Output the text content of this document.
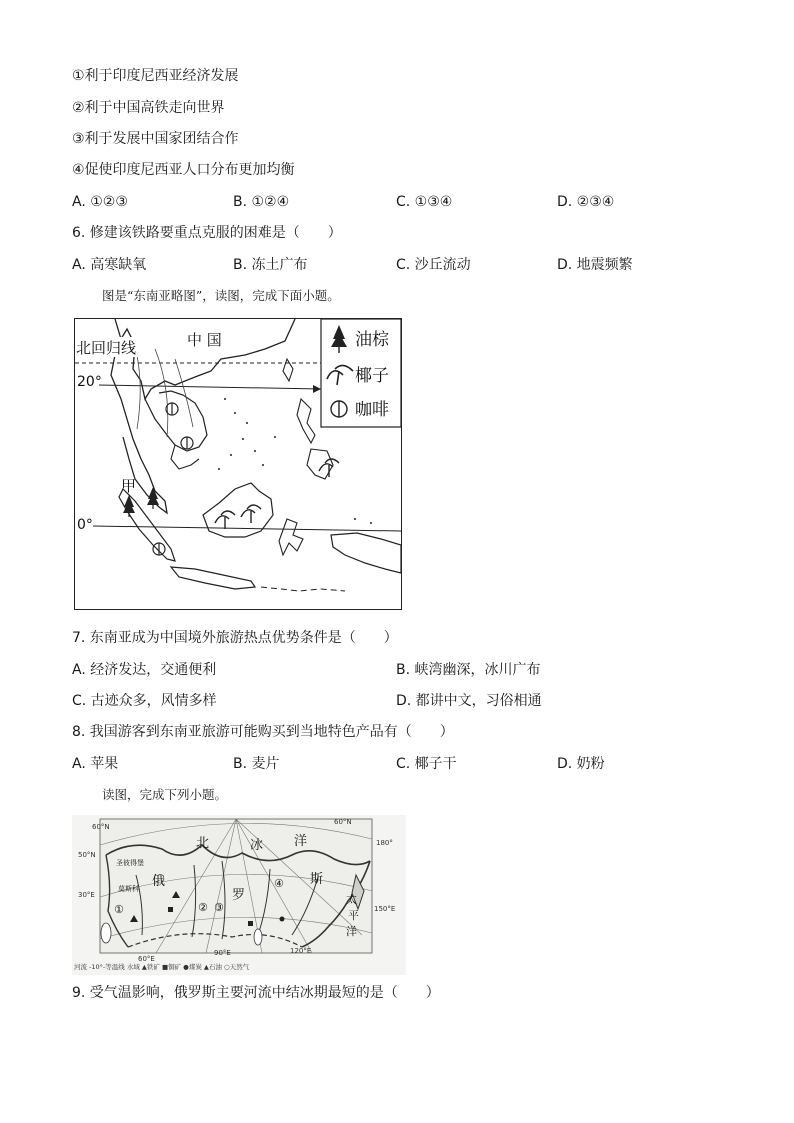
①利于印度尼西亚经济发展
②利于中国高铁走向世界
③利于发展中国家团结合作
④促使印度尼西亚人口分布更加均衡
A. ①②③	B. ①②④	C. ①③④	D. ②③④
6. 修建该铁路要重点克服的困难是（　　）
A. 高寒缺氧	B. 冻土广布	C. 沙丘流动	D. 地震频繁
图是“东南亚略图”，读图，完成下面小题。
油棕
椰子
咖啡
中 国
北回归线
20°
0°
甲
7. 东南亚成为中国境外旅游热点优势条件是（　　）
A. 经济发达，交通便利	B. 峡湾幽深，冰川广布
C. 古迹众多，风情多样	D. 都讲中文，习俗相通
8. 我国游客到东南亚旅游可能购买到当地特色产品有（　　）
A. 苹果	B. 麦片	C. 椰子干	D. 奶粉
读图，完成下列小题。
60°N
60°N
50°N
30°E
180°
150°E
60°E
90°E	120°E
北	冰 洋
俄
罗
斯
太
平
洋
圣彼得堡
莫斯科
①	② ③
④
河流 -10°-等温线 水域 ▲铁矿 ■铜矿 ●煤炭 ▲石油 ○天然气
9. 受气温影响，俄罗斯主要河流中结冰期最短的是（　　）
